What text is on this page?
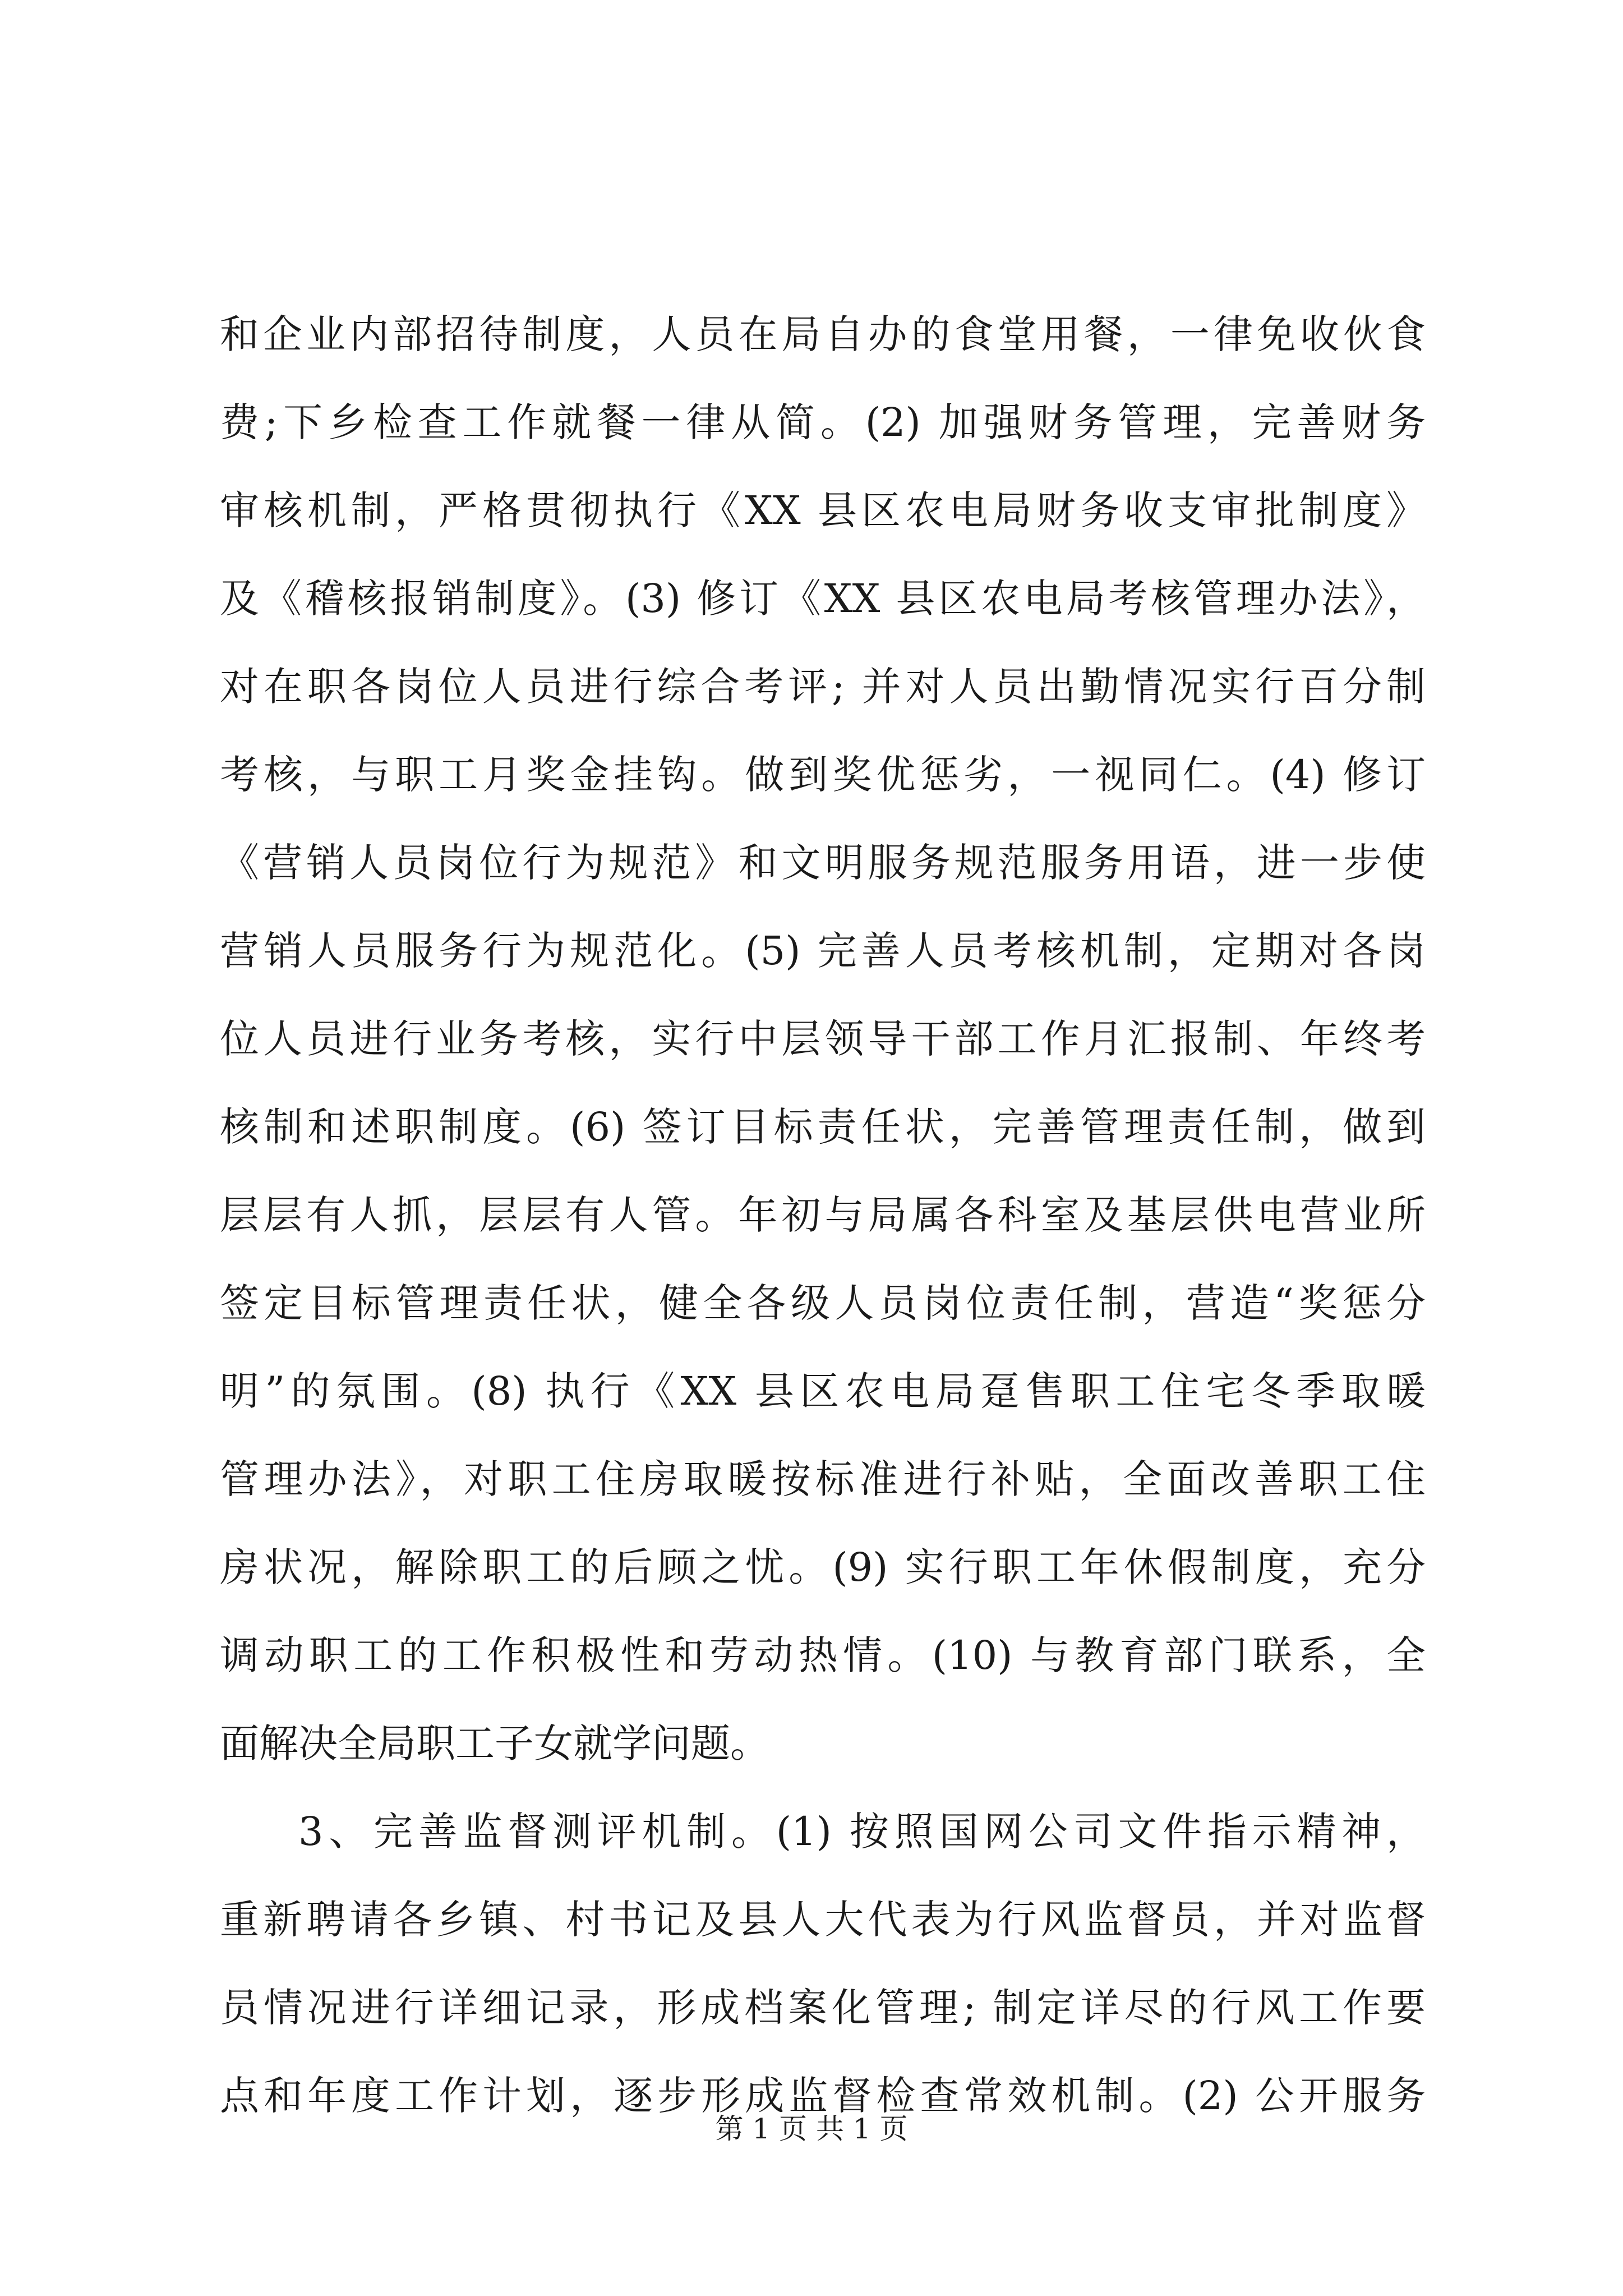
和企业内部招待制度，人员在局自办的食堂用餐，一律免收伙食
费;下乡检查工作就餐一律从简。(2) 加强财务管理，完善财务
审核机制，严格贯彻执行《XX 县区农电局财务收支审批制度》
及《稽核报销制度》。(3) 修订《XX 县区农电局考核管理办法》，
对在职各岗位人员进行综合考评; 并对人员出勤情况实行百分制
考核，与职工月奖金挂钩。做到奖优惩劣，一视同仁。(4) 修订
《营销人员岗位行为规范》和文明服务规范服务用语，进一步使
营销人员服务行为规范化。(5) 完善人员考核机制，定期对各岗
位人员进行业务考核，实行中层领导干部工作月汇报制、年终考
核制和述职制度。(6) 签订目标责任状，完善管理责任制，做到
层层有人抓，层层有人管。年初与局属各科室及基层供电营业所
签定目标管理责任状，健全各级人员岗位责任制，营造“奖惩分
明”的氛围。(8) 执行《XX 县区农电局趸售职工住宅冬季取暖
管理办法》，对职工住房取暖按标准进行补贴，全面改善职工住
房状况，解除职工的后顾之忧。(9) 实行职工年休假制度，充分
调动职工的工作积极性和劳动热情。(10) 与教育部门联系，全
面解决全局职工子女就学问题。
3、完善监督测评机制。(1) 按照国网公司文件指示精神，
重新聘请各乡镇、村书记及县人大代表为行风监督员，并对监督
员情况进行详细记录，形成档案化管理; 制定详尽的行风工作要
点和年度工作计划，逐步形成监督检查常效机制。(2) 公开服务
第 1 页 共 1 页
